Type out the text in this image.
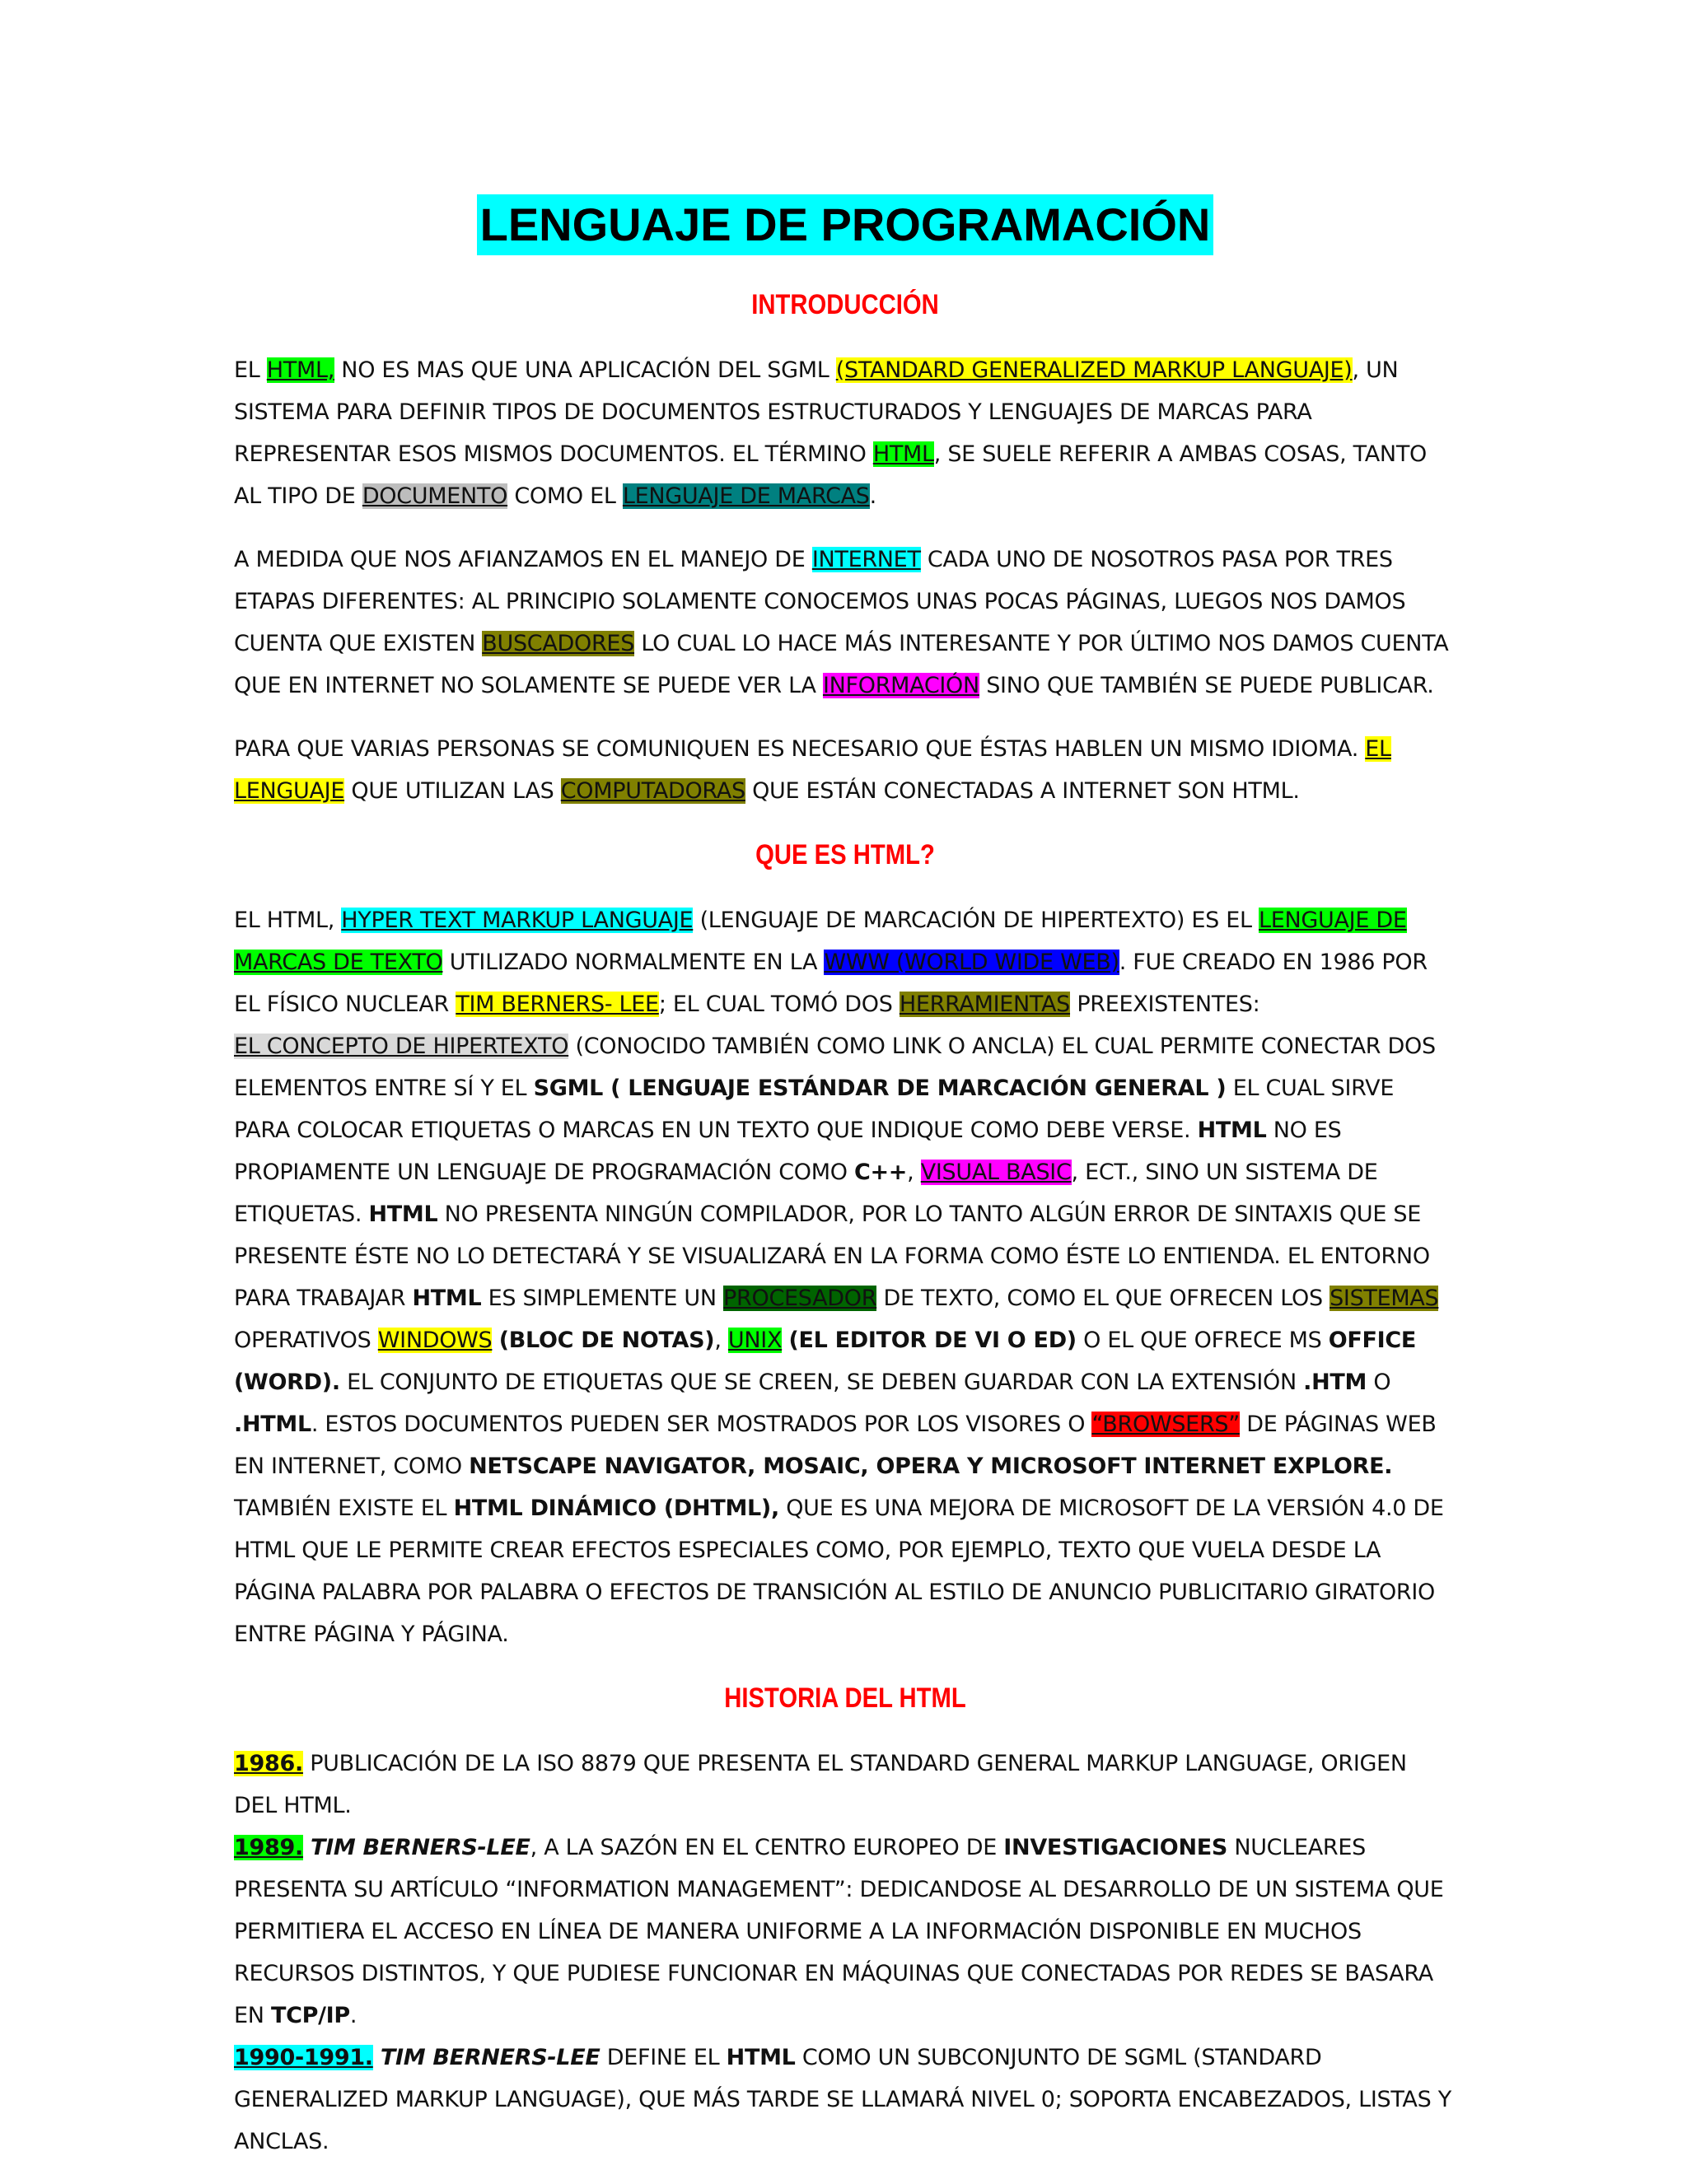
LENGUAJE DE PROGRAMACIÓN
INTRODUCCIÓN

EL HTML, NO ES MAS QUE UNA APLICACIÓN DEL SGML (STANDARD GENERALIZED MARKUP LANGUAJE), UN SISTEMA PARA DEFINIR TIPOS DE DOCUMENTOS ESTRUCTURADOS Y LENGUAJES DE MARCAS PARA REPRESENTAR ESOS MISMOS DOCUMENTOS. EL TÉRMINO HTML, SE SUELE REFERIR A AMBAS COSAS, TANTO AL TIPO DE DOCUMENTO COMO EL LENGUAJE DE MARCAS.

A MEDIDA QUE NOS AFIANZAMOS EN EL MANEJO DE INTERNET CADA UNO DE NOSOTROS PASA POR TRES ETAPAS DIFERENTES: AL PRINCIPIO SOLAMENTE CONOCEMOS UNAS POCAS PÁGINAS, LUEGOS NOS DAMOS CUENTA QUE EXISTEN BUSCADORES LO CUAL LO HACE MÁS INTERESANTE Y POR ÚLTIMO NOS DAMOS CUENTA QUE EN INTERNET NO SOLAMENTE SE PUEDE VER LA INFORMACIÓN SINO QUE TAMBIÉN SE PUEDE PUBLICAR.

PARA QUE VARIAS PERSONAS SE COMUNIQUEN ES NECESARIO QUE ÉSTAS HABLEN UN MISMO IDIOMA. EL LENGUAJE QUE UTILIZAN LAS COMPUTADORAS QUE ESTÁN CONECTADAS A INTERNET SON HTML.

QUE ES HTML?

EL HTML, HYPER TEXT MARKUP LANGUAJE (LENGUAJE DE MARCACIÓN DE HIPERTEXTO) ES EL LENGUAJE DE MARCAS DE TEXTO UTILIZADO NORMALMENTE EN LA WWW (WORLD WIDE WEB). FUE CREADO EN 1986 POR EL FÍSICO NUCLEAR TIM BERNERS- LEE; EL CUAL TOMÓ DOS HERRAMIENTAS PREEXISTENTES:
EL CONCEPTO DE HIPERTEXTO (CONOCIDO TAMBIÉN COMO LINK O ANCLA) EL CUAL PERMITE CONECTAR DOS ELEMENTOS ENTRE SÍ Y EL SGML ( LENGUAJE ESTÁNDAR DE MARCACIÓN GENERAL ) EL CUAL SIRVE PARA COLOCAR ETIQUETAS O MARCAS EN UN TEXTO QUE INDIQUE COMO DEBE VERSE. HTML NO ES PROPIAMENTE UN LENGUAJE DE PROGRAMACIÓN COMO C++, VISUAL BASIC, ECT., SINO UN SISTEMA DE ETIQUETAS. HTML NO PRESENTA NINGÚN COMPILADOR, POR LO TANTO ALGÚN ERROR DE SINTAXIS QUE SE PRESENTE ÉSTE NO LO DETECTARÁ Y SE VISUALIZARÁ EN LA FORMA COMO ÉSTE LO ENTIENDA. EL ENTORNO PARA TRABAJAR HTML ES SIMPLEMENTE UN PROCESADOR DE TEXTO, COMO EL QUE OFRECEN LOS SISTEMAS OPERATIVOS WINDOWS (BLOC DE NOTAS), UNIX (EL EDITOR DE VI O ED) O EL QUE OFRECE MS OFFICE (WORD). EL CONJUNTO DE ETIQUETAS QUE SE CREEN, SE DEBEN GUARDAR CON LA EXTENSIÓN .HTM O .HTML. ESTOS DOCUMENTOS PUEDEN SER MOSTRADOS POR LOS VISORES O “BROWSERS” DE PÁGINAS WEB EN INTERNET, COMO NETSCAPE NAVIGATOR, MOSAIC, OPERA Y MICROSOFT INTERNET EXPLORE. TAMBIÉN EXISTE EL HTML DINÁMICO (DHTML), QUE ES UNA MEJORA DE MICROSOFT DE LA VERSIÓN 4.0 DE HTML QUE LE PERMITE CREAR EFECTOS ESPECIALES COMO, POR EJEMPLO, TEXTO QUE VUELA DESDE LA PÁGINA PALABRA POR PALABRA O EFECTOS DE TRANSICIÓN AL ESTILO DE ANUNCIO PUBLICITARIO GIRATORIO ENTRE PÁGINA Y PÁGINA.

HISTORIA DEL HTML

1986. PUBLICACIÓN DE LA ISO 8879 QUE PRESENTA EL STANDARD GENERAL MARKUP LANGUAGE, ORIGEN DEL HTML.
1989. TIM BERNERS-LEE, A LA SAZÓN EN EL CENTRO EUROPEO DE INVESTIGACIONES NUCLEARES PRESENTA SU ARTÍCULO “INFORMATION MANAGEMENT”: DEDICANDOSE AL DESARROLLO DE UN SISTEMA QUE PERMITIERA EL ACCESO EN LÍNEA DE MANERA UNIFORME A LA INFORMACIÓN DISPONIBLE EN MUCHOS RECURSOS DISTINTOS, Y QUE PUDIESE FUNCIONAR EN MÁQUINAS QUE CONECTADAS POR REDES SE BASARA EN TCP/IP.
1990-1991. TIM BERNERS-LEE DEFINE EL HTML COMO UN SUBCONJUNTO DE SGML (STANDARD GENERALIZED MARKUP LANGUAGE), QUE MÁS TARDE SE LLAMARÁ NIVEL 0; SOPORTA ENCABEZADOS, LISTAS Y ANCLAS.
